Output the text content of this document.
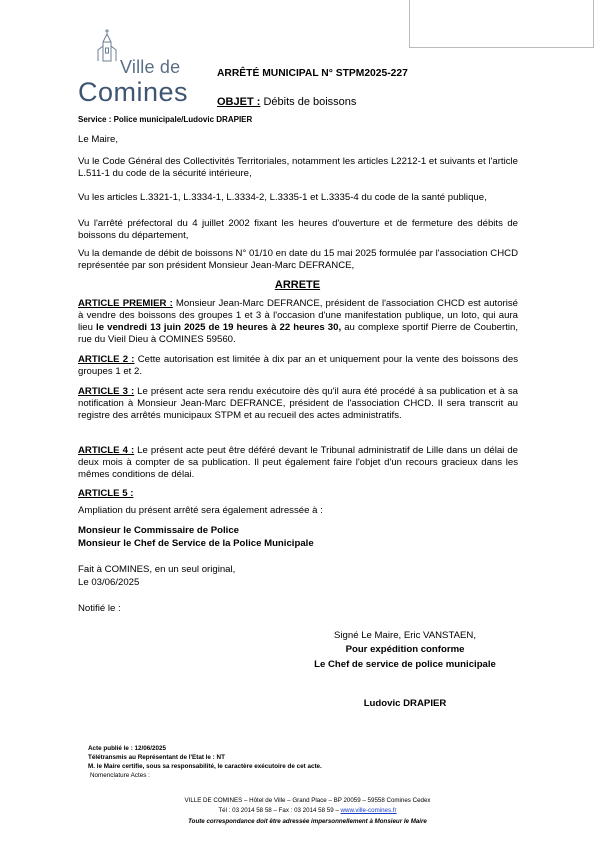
Ville de
Comines
ARRÊTÉ MUNICIPAL N° STPM2025-227
OBJET : Débits de boissons
Service : Police municipale/Ludovic DRAPIER
Le Maire,
Vu le Code Général des Collectivités Territoriales, notamment les articles L2212-1 et suivants et l'article L.511-1 du code de la sécurité intérieure,
Vu les articles L.3321-1, L.3334-1, L.3334-2, L.3335-1 et L.3335-4 du code de la santé publique,
Vu l'arrêté préfectoral du 4 juillet 2002 fixant les heures d'ouverture et de fermeture des débits de boissons du département,
Vu la demande de débit de boissons N° 01/10 en date du 15 mai 2025 formulée par l'association CHCD représentée par son président Monsieur Jean-Marc DEFRANCE,
ARRETE
ARTICLE PREMIER : Monsieur Jean-Marc DEFRANCE, président de l'association CHCD est autorisé à vendre des boissons des groupes 1 et 3 à l'occasion d'une manifestation publique, un loto, qui aura lieu le vendredi 13 juin 2025 de 19 heures à 22 heures 30, au complexe sportif Pierre de Coubertin, rue du Vieil Dieu à COMINES 59560.
ARTICLE 2 : Cette autorisation est limitée à dix par an et uniquement pour la vente des boissons des groupes 1 et 2.
ARTICLE 3 : Le présent acte sera rendu exécutoire dès qu'il aura été procédé à sa publication et à sa notification à Monsieur Jean-Marc DEFRANCE, président de l'association CHCD. Il sera transcrit au registre des arrêtés municipaux STPM et au recueil des actes administratifs.
ARTICLE 4 : Le présent acte peut être déféré devant le Tribunal administratif de Lille dans un délai de deux mois à compter de sa publication. Il peut également faire l'objet d'un recours gracieux dans les mêmes conditions de délai.
ARTICLE 5 :
Ampliation du présent arrêté sera également adressée à :
Monsieur le Commissaire de Police
Monsieur le Chef de Service de la Police Municipale
Fait à COMINES, en un seul original,
Le 03/06/2025
Notifié le :
Signé Le Maire, Eric VANSTAEN,
Pour expédition conforme
Le Chef de service de police municipale
Ludovic DRAPIER
Acte publié le : 12/06/2025
Télétransmis au Représentant de l'Etat le : NT
M. le Maire certifie, sous sa responsabilité, le caractère exécutoire de cet acte.
Nomenclature Actes :
VILLE DE COMINES – Hôtel de Ville – Grand Place – BP 20059 – 59558 Comines Cedex
Tél : 03 2014 58 58 – Fax : 03 2014 58 59 – www.ville-comines.fr
Toute correspondance doit être adressée impersonnellement à Monsieur le Maire
